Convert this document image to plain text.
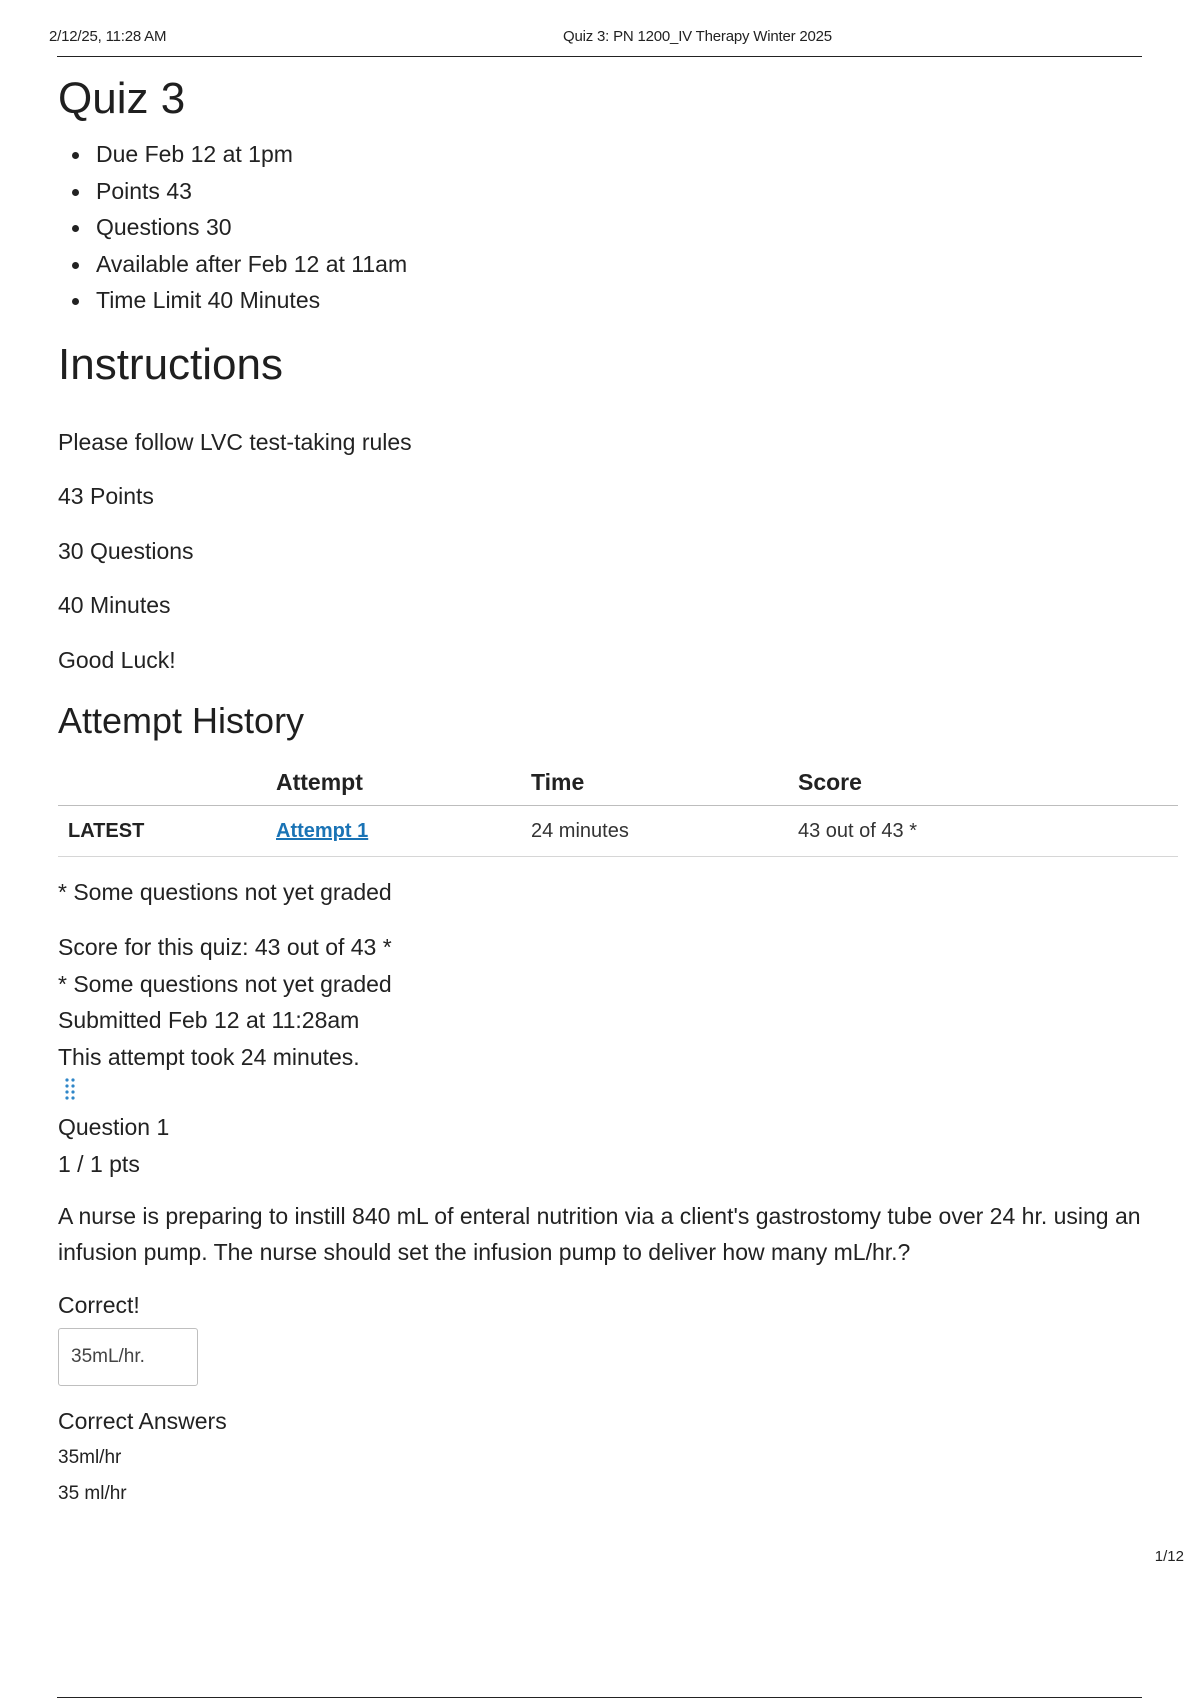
2/12/25, 11:28 AM	Quiz 3: PN 1200_IV Therapy Winter 2025
Quiz 3
Due Feb 12 at 1pm
Points 43
Questions 30
Available after Feb 12 at 11am
Time Limit 40 Minutes
Instructions

Please follow LVC test-taking rules

43 Points

30 Questions

40 Minutes

Good Luck!

Attempt History
	Attempt	Time	Score
LATEST	Attempt 1	24 minutes	43 out of 43 *
* Some questions not yet graded
Score for this quiz: 43 out of 43 *
* Some questions not yet graded
Submitted Feb 12 at 11:28am
This attempt took 24 minutes.
Question 1
1 / 1 pts
A nurse is preparing to instill 840 mL of enteral nutrition via a client's gastrostomy tube over 24 hr. using an infusion pump. The nurse should set the infusion pump to deliver how many mL/hr.?
Correct!
35mL/hr.
Correct Answers
35ml/hr
35 ml/hr
1/12
